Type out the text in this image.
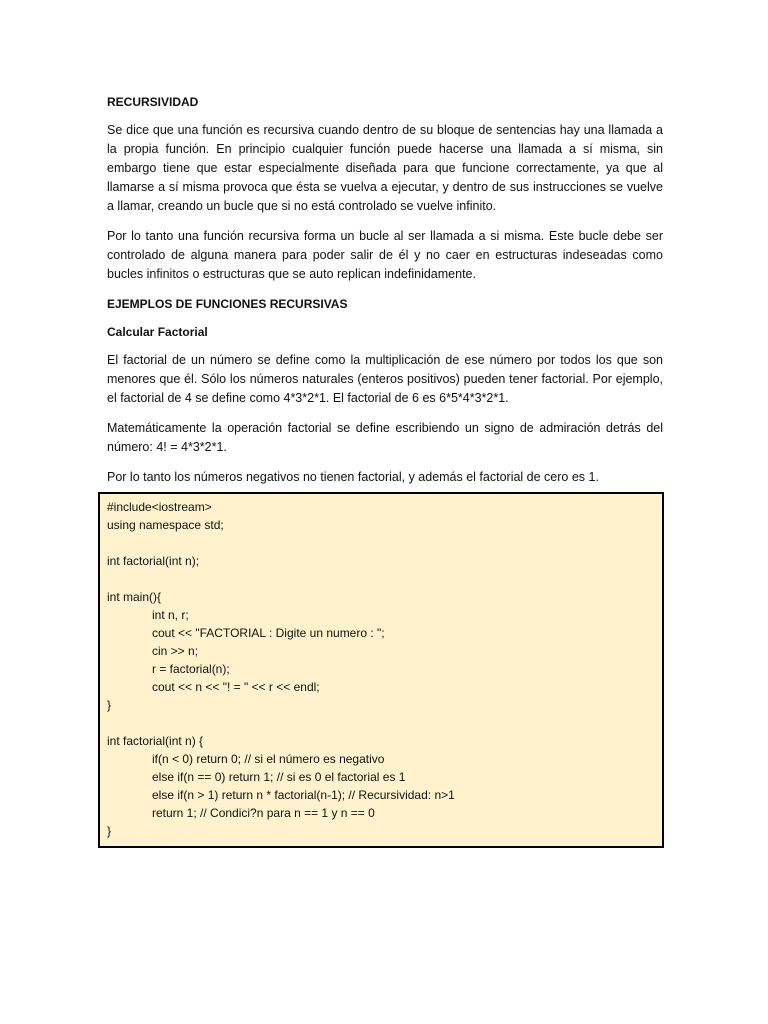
RECURSIVIDAD

Se dice que una función es recursiva cuando dentro de su bloque de sentencias hay una llamada a la propia función. En principio cualquier función puede hacerse una llamada a sí misma, sin embargo tiene que estar especialmente diseñada para que funcione correctamente, ya que al llamarse a sí misma provoca que ésta se vuelva a ejecutar, y dentro de sus instrucciones se vuelve a llamar, creando un bucle que si no está controlado se vuelve infinito.

Por lo tanto una función recursiva forma un bucle al ser llamada a si misma. Este bucle debe ser controlado de alguna manera para poder salir de él y no caer en estructuras indeseadas como bucles infinitos o estructuras que se auto replican indefinidamente.

EJEMPLOS DE FUNCIONES RECURSIVAS
Calcular Factorial

El factorial de un número se define como la multiplicación de ese número por todos los que son menores que él. Sólo los números naturales (enteros positivos) pueden tener factorial. Por ejemplo, el factorial de 4 se define como 4*3*2*1. El factorial de 6 es 6*5*4*3*2*1.

Matemáticamente la operación factorial se define escribiendo un signo de admiración detrás del número: 4! = 4*3*2*1.

Por lo tanto los números negativos no tienen factorial, y además el factorial de cero es 1.

#include<iostream>
using namespace std;
int factorial(int n);
int main(){
int n, r;
cout << "FACTORIAL : Digite un numero : ";
cin >> n;
r = factorial(n);
cout << n << "! = " << r << endl;
}
int factorial(int n) {
if(n < 0) return 0; // si el número es negativo
else if(n == 0) return 1; // si es 0 el factorial es 1
else if(n > 1) return n * factorial(n-1); // Recursividad: n>1
return 1; // Condici?n para n == 1 y n == 0
}
